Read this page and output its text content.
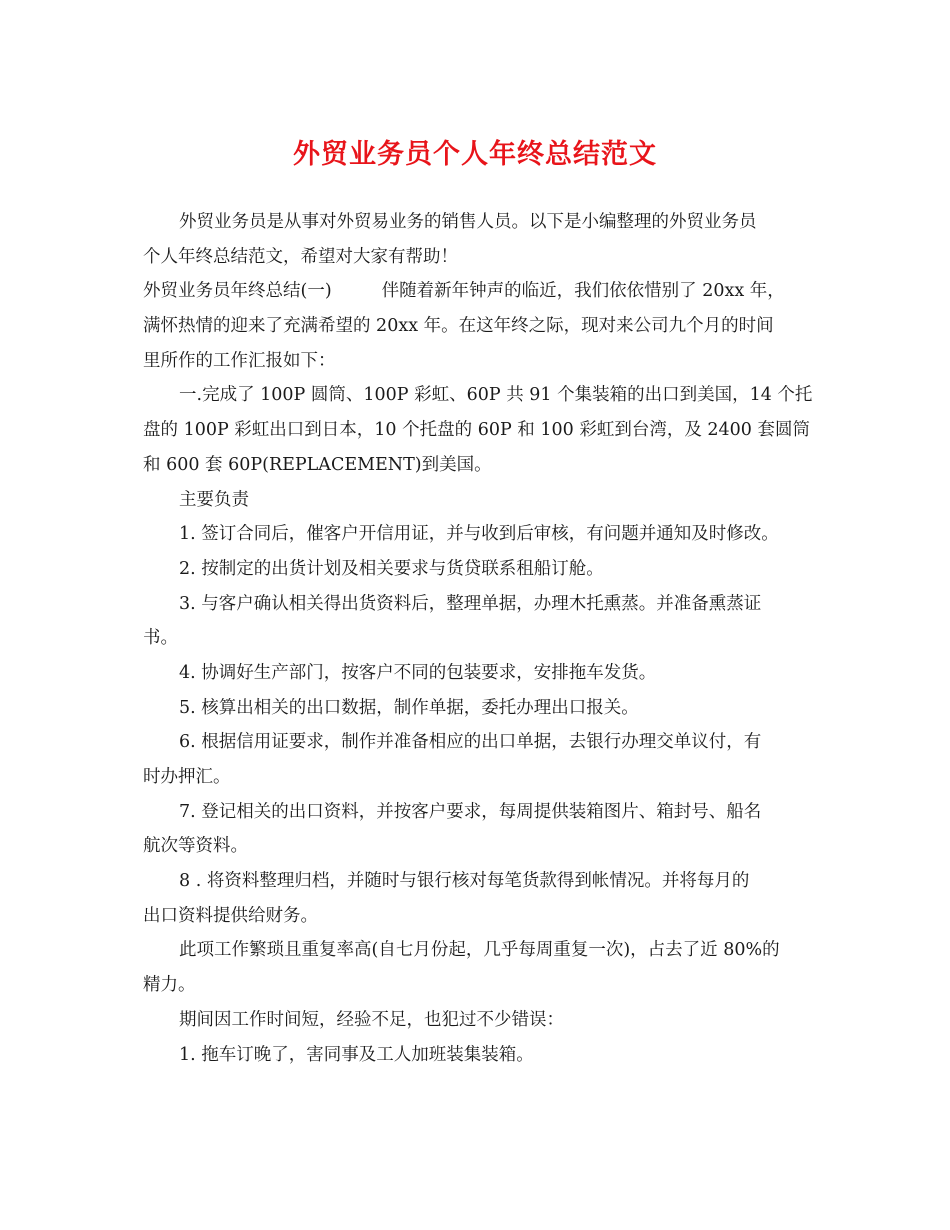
外贸业务员个人年终总结范文

外贸业务员是从事对外贸易业务的销售人员。以下是小编整理的外贸业务员

个人年终总结范文，希望对大家有帮助！

外贸业务员年终总结(一)	伴随着新年钟声的临近，我们依依惜别了 20xx 年，

满怀热情的迎来了充满希望的 20xx 年。在这年终之际，现对来公司九个月的时间

里所作的工作汇报如下：

一.完成了 100P 圆筒、100P 彩虹、60P 共 91 个集装箱的出口到美国，14 个托

盘的 100P 彩虹出口到日本，10 个托盘的 60P 和 100 彩虹到台湾，及 2400 套圆筒

和 600 套 60P(REPLACEMENT)到美国。

主要负责

1. 签订合同后，催客户开信用证，并与收到后审核，有问题并通知及时修改。

2. 按制定的出货计划及相关要求与货贷联系租船订舱。

3. 与客户确认相关得出货资料后，整理单据，办理木托熏蒸。并准备熏蒸证

书。

4. 协调好生产部门，按客户不同的包装要求，安排拖车发货。

5. 核算出相关的出口数据，制作单据，委托办理出口报关。

6. 根据信用证要求，制作并准备相应的出口单据，去银行办理交单议付，有

时办押汇。

7. 登记相关的出口资料，并按客户要求，每周提供装箱图片、箱封号、船名

航次等资料。

8 . 将资料整理归档，并随时与银行核对每笔货款得到帐情况。并将每月的

出口资料提供给财务。

此项工作繁琐且重复率高(自七月份起，几乎每周重复一次)，占去了近 80%的

精力。

期间因工作时间短，经验不足，也犯过不少错误：

1. 拖车订晚了，害同事及工人加班装集装箱。
